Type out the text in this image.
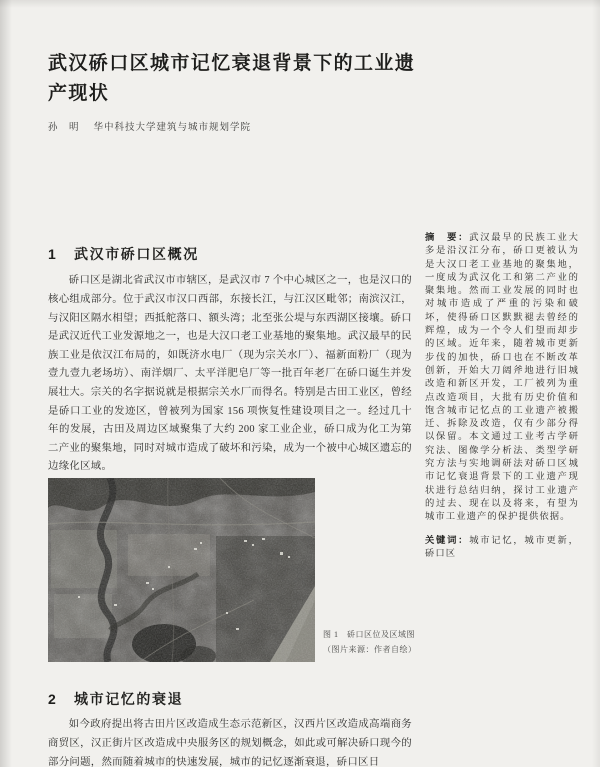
武汉硚口区城市记忆衰退背景下的工业遗
产现状
孙　明 华中科技大学建筑与城市规划学院
1 武汉市硚口区概况

硚口区是湖北省武汉市市辖区，是武汉市 7 个中心城区之一，也是汉口的核心组成部分。位于武汉市汉口西部，东接长江，与江汉区毗邻；南滨汉江，与汉阳区隔水相望；西抵舵落口、额头湾；北至张公堤与东西湖区接壤。硚口是武汉近代工业发源地之一，也是大汉口老工业基地的聚集地。武汉最早的民族工业是依汉江布局的，如既济水电厂（现为宗关水厂）、福新面粉厂（现为壹九壹九老场坊）、南洋烟厂、太平洋肥皂厂等一批百年老厂在硚口诞生并发展壮大。宗关的名字据说就是根据宗关水厂而得名。特别是古田工业区，曾经是硚口工业的发迹区，曾被列为国家 156 项恢复性建设项目之一。经过几十年的发展，古田及周边区域聚集了大约 200 家工业企业，硚口成为化工为第二产业的聚集地，同时对城市造成了破坏和污染，成为一个被中心城区遗忘的边缘化区域。

图 1　硚口区位及区域图
（图片来源：作者自绘）
2 城市记忆的衰退

如今政府提出将古田片区改造成生态示范新区，汉西片区改造成高端商务商贸区，汉正街片区改造成中央服务区的规划概念，如此或可解决硚口现今的部分问题，然而随着城市的快速发展，城市的记忆逐渐衰退，硚口区日

摘　要：武汉最早的民族工业大多是沿汉江分布，硚口更被认为是大汉口老工业基地的聚集地，一度成为武汉化工和第二产业的聚集地。然而工业发展的同时也对城市造成了严重的污染和破坏，使得硚口区默默褪去曾经的辉煌，成为一个令人们望而却步的区域。近年来，随着城市更新步伐的加快，硚口也在不断改革创新，开始大刀阔斧地进行旧城改造和新区开发，工厂被列为重点改造项目，大批有历史价值和饱含城市记忆点的工业遗产被搬迁、拆除及改造，仅有少部分得以保留。本文通过工业考古学研究法、图像学分析法、类型学研究方法与实地调研法对硚口区城市记忆衰退背景下的工业遗产现状进行总结归纳，探讨工业遗产的过去、现在以及将来，有望为城市工业遗产的保护提供依据。

关键词：城市记忆，城市更新，硚口区
